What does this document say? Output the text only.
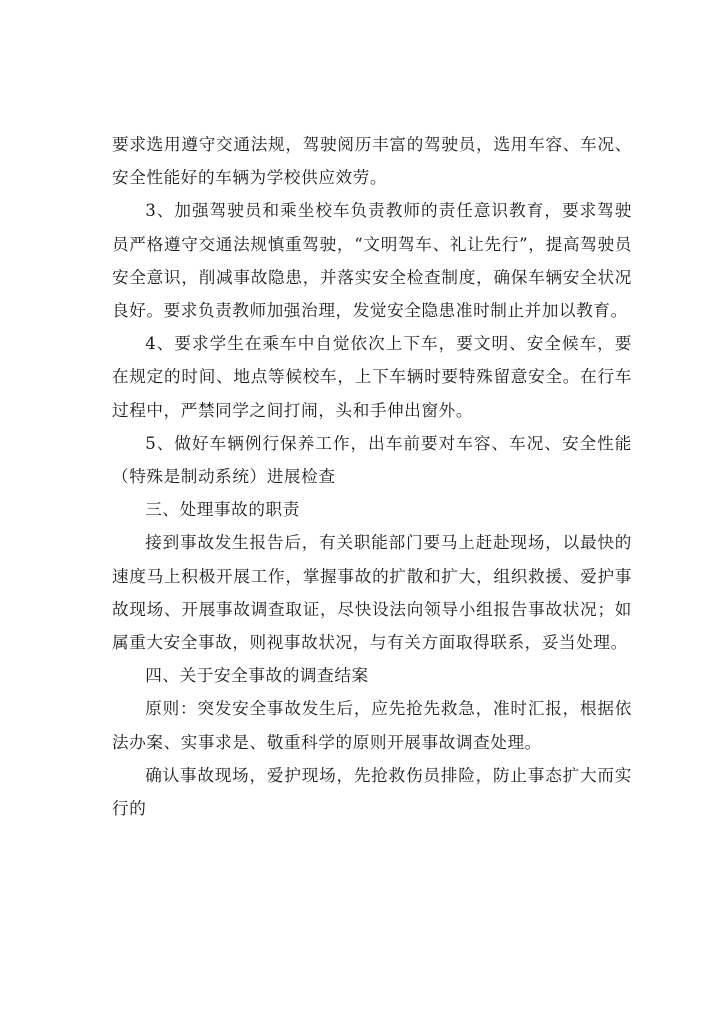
要求选用遵守交通法规，驾驶阅历丰富的驾驶员，选用车容、车况、安全性能好的车辆为学校供应效劳。

3、加强驾驶员和乘坐校车负责教师的责任意识教育，要求驾驶员严格遵守交通法规慎重驾驶，“文明驾车、礼让先行”，提高驾驶员安全意识，削减事故隐患，并落实安全检查制度，确保车辆安全状况良好。要求负责教师加强治理，发觉安全隐患准时制止并加以教育。

4、要求学生在乘车中自觉依次上下车，要文明、安全候车，要在规定的时间、地点等候校车，上下车辆时要特殊留意安全。在行车过程中，严禁同学之间打闹，头和手伸出窗外。

5、做好车辆例行保养工作，出车前要对车容、车况、安全性能（特殊是制动系统）进展检查

三、处理事故的职责

接到事故发生报告后，有关职能部门要马上赶赴现场，以最快的速度马上积极开展工作，掌握事故的扩散和扩大，组织救援、爱护事故现场、开展事故调查取证，尽快设法向领导小组报告事故状况；如属重大安全事故，则视事故状况，与有关方面取得联系，妥当处理。

四、关于安全事故的调查结案

原则：突发安全事故发生后，应先抢先救急，准时汇报，根据依法办案、实事求是、敬重科学的原则开展事故调查处理。

确认事故现场，爱护现场，先抢救伤员排险，防止事态扩大而实行的
